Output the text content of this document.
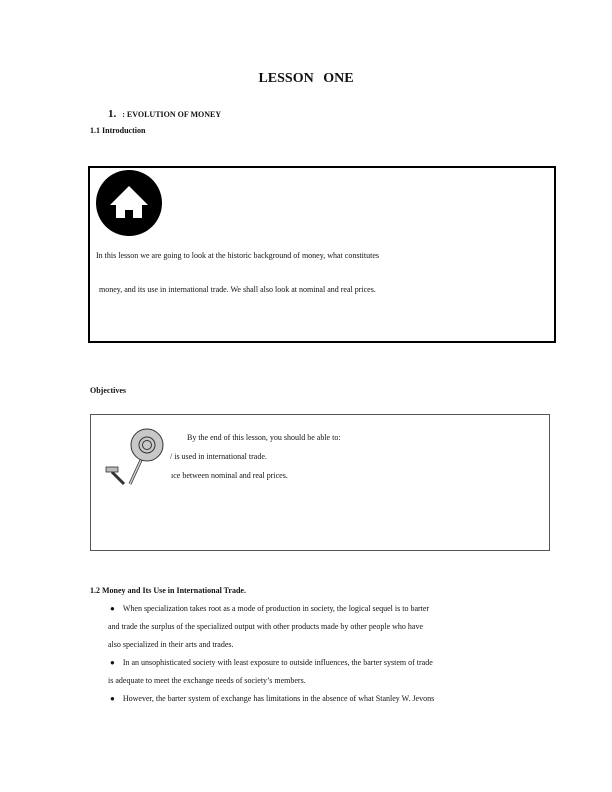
LESSON ONE
1. : EVOLUTION OF MONEY
1.1 Introduction
In this lesson we are going to look at the historic background of money, what constitutes
money, and its use in international trade. We shall also look at nominal and real prices.
Objectives
By the end of this lesson, you should be able to:
/ is used in international trade.
ıce between nominal and real prices.
1.2 Money and Its Use in International Trade.
● When specialization takes root as a mode of production in society, the logical sequel is to barter
and trade the surplus of the specialized output with other products made by other people who have
also specialized in their arts and trades.
● In an unsophisticated society with least exposure to outside influences, the barter system of trade
is adequate to meet the exchange needs of society’s members.
● However, the barter system of exchange has limitations in the absence of what Stanley W. Jevons
